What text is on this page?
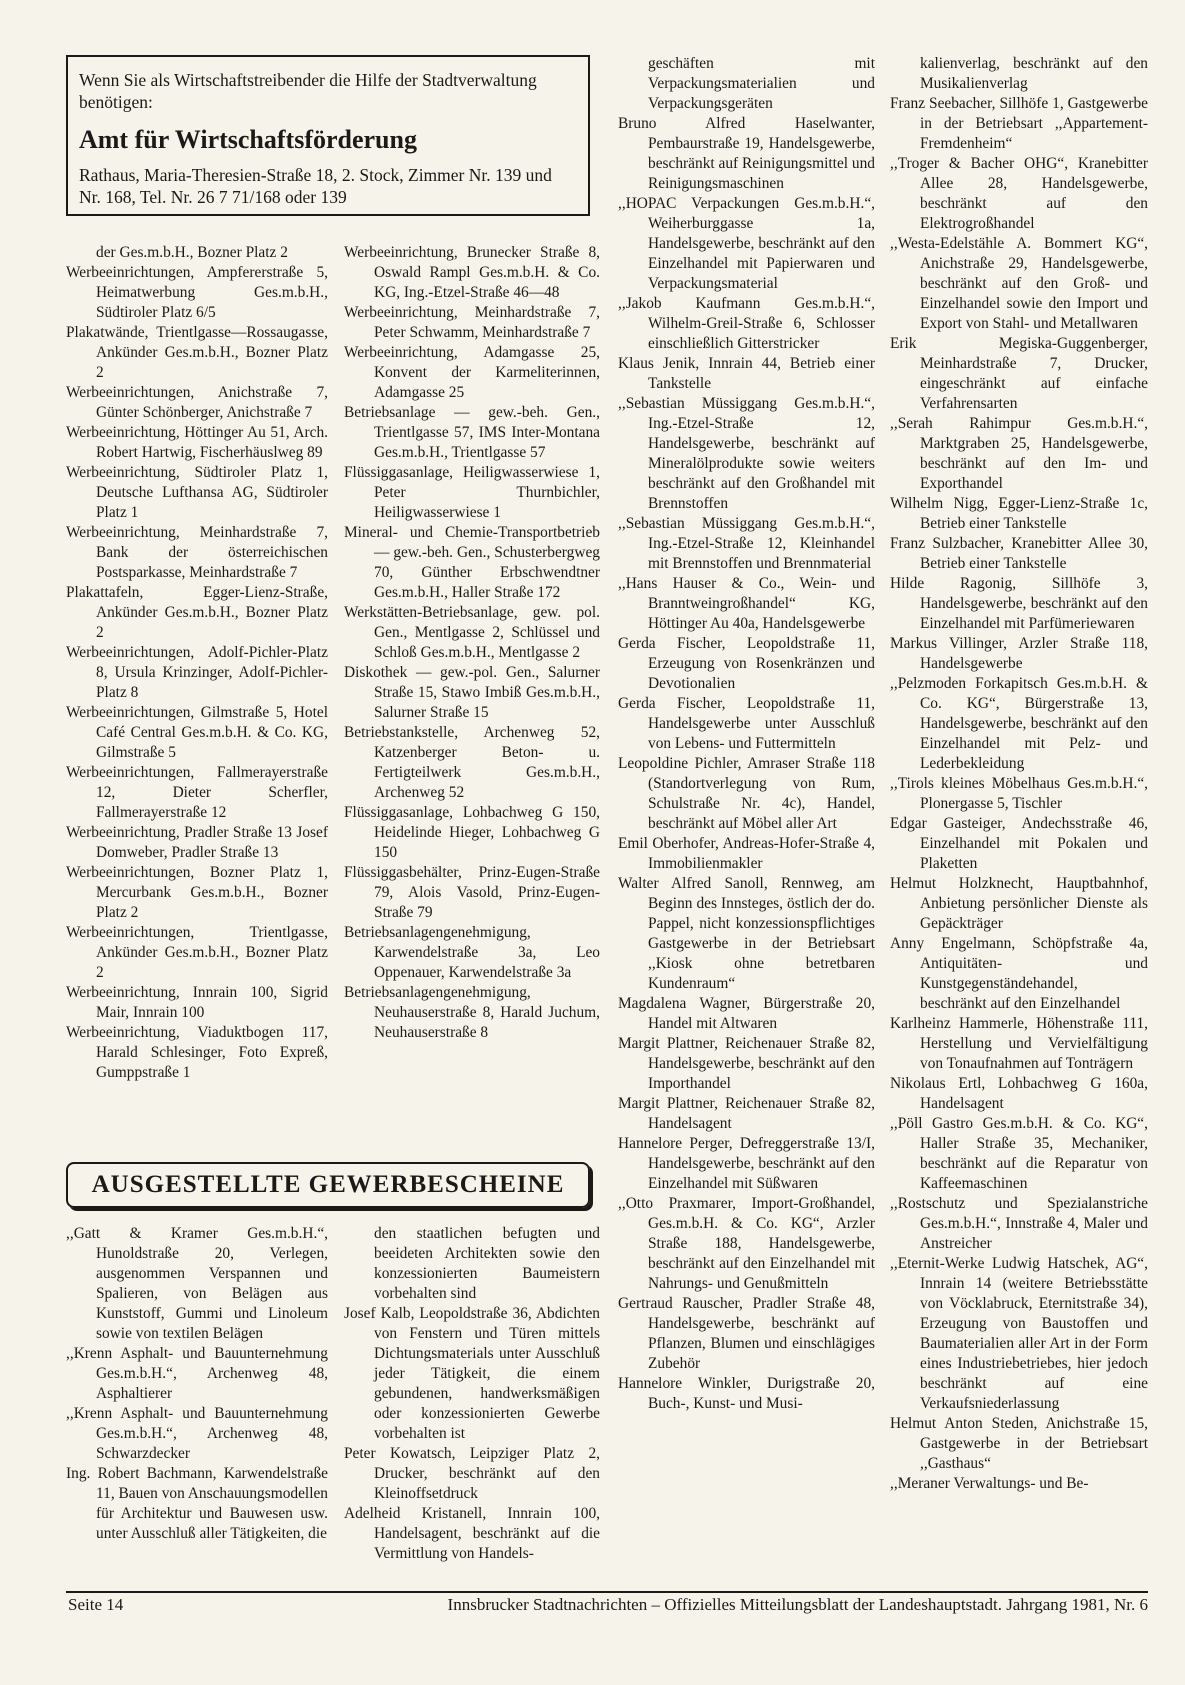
Wenn Sie als Wirtschaftstreibender die Hilfe der Stadtverwaltung benötigen:

Amt für Wirtschaftsförderung

Rathaus, Maria-Theresien-Straße 18, 2. Stock, Zimmer Nr. 139 und Nr. 168, Tel. Nr. 26 7 71/168 oder 139

der Ges.m.b.H., Bozner Platz 2

Werbeeinrichtungen, Ampfererstraße 5, Heimatwerbung Ges.m.b.H., Südtiroler Platz 6/5

Plakatwände, Trientlgasse—Rossaugasse, Ankünder Ges.m.b.H., Bozner Platz 2

Werbeeinrichtungen, Anichstraße 7, Günter Schönberger, Anichstraße 7

Werbeeinrichtung, Höttinger Au 51, Arch. Robert Hartwig, Fischerhäuslweg 89

Werbeeinrichtung, Südtiroler Platz 1, Deutsche Lufthansa AG, Südtiroler Platz 1

Werbeeinrichtung, Meinhardstraße 7, Bank der österreichischen Postsparkasse, Meinhardstraße 7

Plakattafeln, Egger-Lienz-Straße, Ankünder Ges.m.b.H., Bozner Platz 2

Werbeeinrichtungen, Adolf-Pichler-Platz 8, Ursula Krinzinger, Adolf-Pichler-Platz 8

Werbeeinrichtungen, Gilmstraße 5, Hotel Café Central Ges.m.b.H. & Co. KG, Gilmstraße 5

Werbeeinrichtungen, Fallmerayerstraße 12, Dieter Scherfler, Fallmerayerstraße 12

Werbeeinrichtung, Pradler Straße 13 Josef Domweber, Pradler Straße 13

Werbeeinrichtungen, Bozner Platz 1, Mercurbank Ges.m.b.H., Bozner Platz 2

Werbeeinrichtungen, Trientlgasse, Ankünder Ges.m.b.H., Bozner Platz 2

Werbeeinrichtung, Innrain 100, Sigrid Mair, Innrain 100

Werbeeinrichtung, Viaduktbogen 117, Harald Schlesinger, Foto Expreß, Gumppstraße 1

Werbeeinrichtung, Brunecker Straße 8, Oswald Rampl Ges.m.b.H. & Co. KG, Ing.-Etzel-Straße 46—48

Werbeeinrichtung, Meinhardstraße 7, Peter Schwamm, Meinhardstraße 7

Werbeeinrichtung, Adamgasse 25, Konvent der Karmeliterinnen, Adamgasse 25

Betriebsanlage — gew.-beh. Gen., Trientlgasse 57, IMS Inter-Montana Ges.m.b.H., Trientlgasse 57

Flüssiggasanlage, Heiligwasserwiese 1, Peter Thurnbichler, Heiligwasserwiese 1

Mineral- und Chemie-Transportbetrieb — gew.-beh. Gen., Schusterbergweg 70, Günther Erbschwendtner Ges.m.b.H., Haller Straße 172

Werkstätten-Betriebsanlage, gew. pol. Gen., Mentlgasse 2, Schlüssel und Schloß Ges.m.b.H., Mentlgasse 2

Diskothek — gew.-pol. Gen., Salurner Straße 15, Stawo Imbiß Ges.m.b.H., Salurner Straße 15

Betriebstankstelle, Archenweg 52, Katzenberger Beton- u. Fertigteilwerk Ges.m.b.H., Archenweg 52

Flüssiggasanlage, Lohbachweg G 150, Heidelinde Hieger, Lohbachweg G 150

Flüssiggasbehälter, Prinz-Eugen-Straße 79, Alois Vasold, Prinz-Eugen-Straße 79

Betriebsanlagengenehmigung, Karwendelstraße 3a, Leo Oppenauer, Karwendelstraße 3a

Betriebsanlagengenehmigung, Neuhauserstraße 8, Harald Juchum, Neuhauserstraße 8

AUSGESTELLTE GEWERBESCHEINE

,,Gatt & Kramer Ges.m.b.H.“, Hunoldstraße 20, Verlegen, ausgenommen Verspannen und Spalieren, von Belägen aus Kunststoff, Gummi und Linoleum sowie von textilen Belägen

,,Krenn Asphalt- und Bauunternehmung Ges.m.b.H.“, Archenweg 48, Asphaltierer

,,Krenn Asphalt- und Bauunternehmung Ges.m.b.H.“, Archenweg 48, Schwarzdecker

Ing. Robert Bachmann, Karwendelstraße 11, Bauen von Anschauungsmodellen für Architektur und Bauwesen usw. unter Ausschluß aller Tätigkeiten, die

den staatlichen befugten und beeideten Architekten sowie den konzessionierten Baumeistern vorbehalten sind

Josef Kalb, Leopoldstraße 36, Abdichten von Fenstern und Türen mittels Dichtungsmaterials unter Ausschluß jeder Tätigkeit, die einem gebundenen, handwerksmäßigen oder konzessionierten Gewerbe vorbehalten ist

Peter Kowatsch, Leipziger Platz 2, Drucker, beschränkt auf den Kleinoffsetdruck

Adelheid Kristanell, Innrain 100, Handelsagent, beschränkt auf die Vermittlung von Handels-

geschäften mit Verpackungsmaterialien und Verpackungsgeräten

Bruno Alfred Haselwanter, Pembaurstraße 19, Handelsgewerbe, beschränkt auf Reinigungsmittel und Reinigungsmaschinen

,,HOPAC Verpackungen Ges.m.b.H.“, Weiherburggasse 1a, Handelsgewerbe, beschränkt auf den Einzelhandel mit Papierwaren und Verpackungsmaterial

,,Jakob Kaufmann Ges.m.b.H.“, Wilhelm-Greil-Straße 6, Schlosser einschließlich Gitterstricker

Klaus Jenik, Innrain 44, Betrieb einer Tankstelle

,,Sebastian Müssiggang Ges.m.b.H.“, Ing.-Etzel-Straße 12, Handelsgewerbe, beschränkt auf Mineralölprodukte sowie weiters beschränkt auf den Großhandel mit Brennstoffen

,,Sebastian Müssiggang Ges.m.b.H.“, Ing.-Etzel-Straße 12, Kleinhandel mit Brennstoffen und Brennmaterial

,,Hans Hauser & Co., Wein- und Branntweingroßhandel“ KG, Höttinger Au 40a, Handelsgewerbe

Gerda Fischer, Leopoldstraße 11, Erzeugung von Rosenkränzen und Devotionalien

Gerda Fischer, Leopoldstraße 11, Handelsgewerbe unter Ausschluß von Lebens- und Futtermitteln

Leopoldine Pichler, Amraser Straße 118 (Standortverlegung von Rum, Schulstraße Nr. 4c), Handel, beschränkt auf Möbel aller Art

Emil Oberhofer, Andreas-Hofer-Straße 4, Immobilienmakler

Walter Alfred Sanoll, Rennweg, am Beginn des Innsteges, östlich der do. Pappel, nicht konzessionspflichtiges Gastgewerbe in der Betriebsart ,,Kiosk ohne betretbaren Kundenraum“

Magdalena Wagner, Bürgerstraße 20, Handel mit Altwaren

Margit Plattner, Reichenauer Straße 82, Handelsgewerbe, beschränkt auf den Importhandel

Margit Plattner, Reichenauer Straße 82, Handelsagent

Hannelore Perger, Defreggerstraße 13/I, Handelsgewerbe, beschränkt auf den Einzelhandel mit Süßwaren

,,Otto Praxmarer, Import-Großhandel, Ges.m.b.H. & Co. KG“, Arzler Straße 188, Handelsgewerbe, beschränkt auf den Einzelhandel mit Nahrungs- und Genußmitteln

Gertraud Rauscher, Pradler Straße 48, Handelsgewerbe, beschränkt auf Pflanzen, Blumen und einschlägiges Zubehör

Hannelore Winkler, Durigstraße 20, Buch-, Kunst- und Musi-

kalienverlag, beschränkt auf den Musikalienverlag

Franz Seebacher, Sillhöfe 1, Gastgewerbe in der Betriebsart ,,Appartement-Fremdenheim“

,,Troger & Bacher OHG“, Kranebitter Allee 28, Handelsgewerbe, beschränkt auf den Elektrogroßhandel

,,Westa-Edelstähle A. Bommert KG“, Anichstraße 29, Handelsgewerbe, beschränkt auf den Groß- und Einzelhandel sowie den Import und Export von Stahl- und Metallwaren

Erik Megiska-Guggenberger, Meinhardstraße 7, Drucker, eingeschränkt auf einfache Verfahrensarten

,,Serah Rahimpur Ges.m.b.H.“, Marktgraben 25, Handelsgewerbe, beschränkt auf den Im- und Exporthandel

Wilhelm Nigg, Egger-Lienz-Straße 1c, Betrieb einer Tankstelle

Franz Sulzbacher, Kranebitter Allee 30, Betrieb einer Tankstelle

Hilde Ragonig, Sillhöfe 3, Handelsgewerbe, beschränkt auf den Einzelhandel mit Parfümeriewaren

Markus Villinger, Arzler Straße 118, Handelsgewerbe

,,Pelzmoden Forkapitsch Ges.m.b.H. & Co. KG“, Bürgerstraße 13, Handelsgewerbe, beschränkt auf den Einzelhandel mit Pelz- und Lederbekleidung

,,Tirols kleines Möbelhaus Ges.m.b.H.“, Plonergasse 5, Tischler

Edgar Gasteiger, Andechsstraße 46, Einzelhandel mit Pokalen und Plaketten

Helmut Holzknecht, Hauptbahnhof, Anbietung persönlicher Dienste als Gepäckträger

Anny Engelmann, Schöpfstraße 4a, Antiquitäten- und Kunstgegenständehandel, beschränkt auf den Einzelhandel

Karlheinz Hammerle, Höhenstraße 111, Herstellung und Vervielfältigung von Tonaufnahmen auf Tonträgern

Nikolaus Ertl, Lohbachweg G 160a, Handelsagent

,,Pöll Gastro Ges.m.b.H. & Co. KG“, Haller Straße 35, Mechaniker, beschränkt auf die Reparatur von Kaffeemaschinen

,,Rostschutz und Spezialanstriche Ges.m.b.H.“, Innstraße 4, Maler und Anstreicher

,,Eternit-Werke Ludwig Hatschek, AG“, Innrain 14 (weitere Betriebsstätte von Vöcklabruck, Eternitstraße 34), Erzeugung von Baustoffen und Baumaterialien aller Art in der Form eines Industriebetriebes, hier jedoch beschränkt auf eine Verkaufsniederlassung

Helmut Anton Steden, Anichstraße 15, Gastgewerbe in der Betriebsart ,,Gasthaus“

,,Meraner Verwaltungs- und Be-

Seite 14	Innsbrucker Stadtnachrichten – Offizielles Mitteilungsblatt der Landeshauptstadt. Jahrgang 1981, Nr. 6
